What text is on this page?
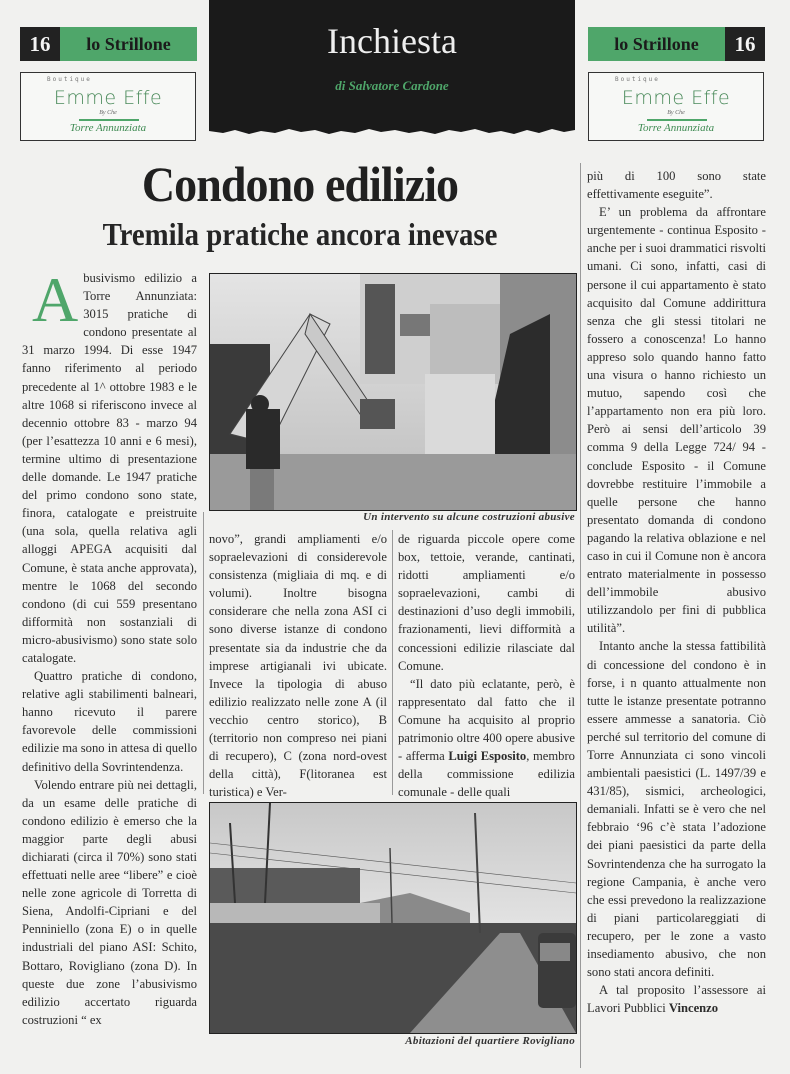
16	lo Strillone	lo Strillone	16
Boutique
Emme Effe
By Che
Torre Annunziata
Boutique
Emme Effe
By Che
Torre Annunziata
Inchiesta
di Salvatore Cardone
Condono edilizio
Tremila pratiche ancora inevase

Abusivismo edilizio a Torre Annunziata: 3015 pratiche di condono presentate al 31 marzo 1994. Di esse 1947 fanno riferimento al periodo precedente al 1^ ottobre 1983 e le altre 1068 si riferiscono invece al decennio ottobre 83 - marzo 94 (per l’esattezza 10 anni e 6 mesi), termine ultimo di presentazione delle domande. Le 1947 pratiche del primo condono sono state, finora, catalogate e preistruite (una sola, quella relativa agli alloggi APEGA acquisiti dal Comune, è stata anche approvata), mentre le 1068 del secondo condono (di cui 559 presentano difformità non sostanziali di micro-abusivismo) sono state solo catalogate.

Quattro pratiche di condono, relative agli stabilimenti balneari, hanno ricevuto il parere favorevole delle commissioni edilizie ma sono in attesa di quello definitivo della Sovrintendenza.

Volendo entrare più nei dettagli, da un esame delle pratiche di condono edilizio è emerso che la maggior parte degli abusi dichiarati (circa il 70%) sono stati effettuati nelle aree “libere” e cioè nelle zone agricole di Torretta di Siena, Andolfi-Cipriani e del Penniniello (zona E) o in quelle industriali del piano ASI: Schito, Bottaro, Rovigliano (zona D). In queste due zone l’abusivismo edilizio accertato riguarda costruzioni “ ex

Un intervento su alcune costruzioni abusive

novo”, grandi ampliamenti e/o sopraelevazioni di considerevole consistenza (migliaia di mq. e di volumi). Inoltre bisogna considerare che nella zona ASI ci sono diverse istanze di condono presentate sia da industrie che da imprese artigianali ivi ubicate. Invece la tipologia di abuso edilizio realizzato nelle zone A (il vecchio centro storico), B (territorio non compreso nei piani di recupero), C (zona nord-ovest della città), F(litoranea est turistica) e Ver-

de riguarda piccole opere come box, tettoie, verande, cantinati, ridotti ampliamenti e/o sopraelevazioni, cambi di destinazioni d’uso degli immobili, frazionamenti, lievi difformità a concessioni edilizie rilasciate dal Comune.

“Il dato più eclatante, però, è rappresentato dal fatto che il Comune ha acquisito al proprio patrimonio oltre 400 opere abusive - afferma Luigi Esposito, membro della commissione edilizia comunale - delle quali

Abitazioni del quartiere Rovigliano

più di 100 sono state effettivamente eseguite”.

E’ un problema da affrontare urgentemente - continua Esposito - anche per i suoi drammatici risvolti umani. Ci sono, infatti, casi di persone il cui appartamento è stato acquisito dal Comune addirittura senza che gli stessi titolari ne fossero a conoscenza! Lo hanno appreso solo quando hanno fatto una visura o hanno richiesto un mutuo, sapendo così che l’appartamento non era più loro. Però ai sensi dell’articolo 39 comma 9 della Legge 724/ 94 - conclude Esposito - il Comune dovrebbe restituire l’immobile a quelle persone che hanno presentato domanda di condono pagando la relativa oblazione e nel caso in cui il Comune non è ancora entrato materialmente in possesso dell’immobile abusivo utilizzandolo per fini di pubblica utilità”.

Intanto anche la stessa fattibilità di concessione del condono è in forse, i n quanto attualmente non tutte le istanze presentate potranno essere ammesse a sanatoria. Ciò perché sul territorio del comune di Torre Annunziata ci sono vincoli ambientali paesistici (L. 1497/39 e 431/85), sismici, archeologici, demaniali. Infatti se è vero che nel febbraio ‘96 c’è stata l’adozione dei piani paesistici da parte della Sovrintendenza che ha surrogato la regione Campania, è anche vero che essi prevedono la realizzazione di piani particolareggiati di recupero, per le zone a vasto insediamento abusivo, che non sono stati ancora definiti.

A tal proposito l’assessore ai Lavori Pubblici Vincenzo
